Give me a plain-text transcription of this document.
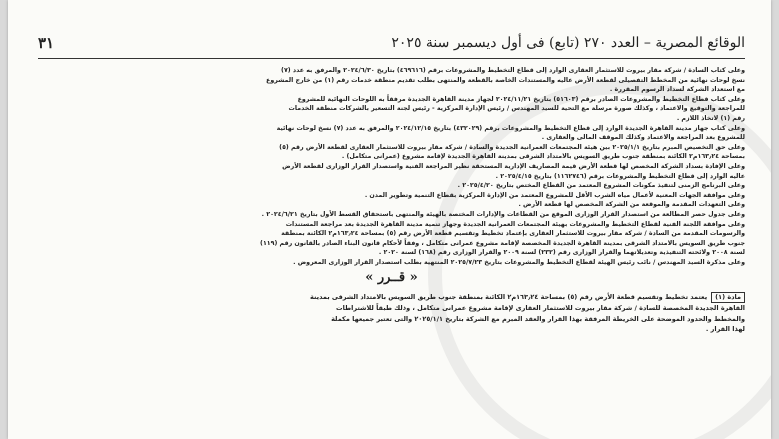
الوقائع المصرية – العدد ٢٧٠ (تابع) فى أول ديسمبر سنة ٢٠٢٥
٣١

وعلى كتاب السادة / شركة مقار بيروت للاستثمار العقارى الوارد إلى قطاع التخطيط والمشروعات برقم (٤٦٩٦١٦) بتاريخ ٢٠٢٤/٦/٣٠ والمرفق به عدد (٧)

نسخ لوحات نهائية من المخطط التفصيلى لقطعة الأرض عاليه والمستندات الخاصة بالقطعة والمنتهى بطلب تقديم منطقة خدمات رقم (١) من خارج المشروع

مع استعداد الشركة لسداد الرسوم المقررة .

وعلى كتاب قطاع التخطيط والمشروعات الصادر برقم (٥١٦٠٣) بتاريخ ٢٠٢٤/١١/٢١ لجهاز مدينة القاهرة الجديدة مرفقاً به اللوحات النهائية للمشروع

للمراجعة والتوقيع والاعتماد ، وكذلك صورة مرسلة مع التحية للسيد المهندس / رئيس الإدارة المركزية - رئيس لجنة التسعير بالشركات منطقة الخدمات

رقم (١) لاتخاذ اللازم .

وعلى كتاب جهاز مدينة القاهرة الجديدة الوارد إلى قطاع التخطيط والمشروعات برقم (٤٣٢٠٢٩) بتاريخ ٢٠٢٤/١٢/١٥ والمرفق به عدد (٧) نسخ لوحات نهائية

للمشروع بعد المراجعة والاعتماد وكذلك الموقف المالى والعقارى .

وعلى حق التخصيص المبرم بتاريخ ٢٠٢٥/١/١ بين هيئة المجتمعات العمرانية الجديدة والسادة / شركة مقار بيروت للاستثمار العقارى لقطعة الأرض رقم (٥)

بمساحة ١٦٣٫٢٤م٢ الكائنة بمنطقة جنوب طريق السويس بالامتداد الشرقى بمدينة القاهرة الجديدة لإقامة مشروع (عمرانى متكامل) .

وعلى الإفادة بسداد الشركة المخصص لها قطعة الأرض قيمة المصاريف الإدارية المستحقة نظير المراجعة الفنية واستصدار القرار الوزارى لقطعة الأرض

عاليه الوارد إلى قطاع التخطيط والمشروعات برقم (١١٦٢٧٤٦) بتاريخ ٢٠٢٥/٤/١٥ .

وعلى البرنامج الزمنى لتنفيذ مكونات المشروع المعتمد من القطاع المختص بتاريخ ٢٠٢٥/٤/٢٠ .

وعلى موافقة الجهات المعنية لأعمال مياه الشرب الأقل للمشروع المعتمد من الإدارة المركزية بقطاع التنمية وتطوير المدن .

وعلى التعهدات المقدمة والموقعة من الشركة المخصص لها قطعة الأرض .

وعلى جدول حصر المطالعة من استصدار القرار الوزارى الموقع من القطاعات والإدارات المختصة بالهيئة والمنتهى باستحقاق القسط الأول بتاريخ ٢٠٢٤/٦/٢١ .

وعلى موافقة اللجنة الفنية لقطاع التخطيط والمشروعات بهيئة المجتمعات العمرانية الجديدة وجهاز تنمية مدينة القاهرة الجديدة بعد مراجعة المستندات

والرسومات المقدمة من السادة / شركة مقار بيروت للاستثمار العقارى بإعتماد تخطيط وتقسيم قطعة الأرض رقم (٥) بمساحة ١٦٣٫٢٤م٢ الكائنة بمنطقة

جنوب طريق السويس بالامتداد الشرقى بمدينة القاهرة الجديدة المخصصة لإقامة مشروع عمرانى متكامل ، وفقاً لأحكام قانون البناء الصادر بالقانون رقم (١١٩)

لسنة ٢٠٠٨ ولائحته التنفيذية وتعديلاتهما والقرار الوزارى رقم (٢٣٢) لسنة ٢٠٠٩ والقرار الوزارى رقم (١٦٨) لسنة ٢٠٢٠ .

وعلى مذكرة السيد المهندس / نائب رئيس الهيئة لقطاع التخطيط والمشروعات بتاريخ ٢٠٢٥/٧/٢٣ المنتهية بطلب استصدار القرار الوزارى المعروض .

« قــرر »
مادة (١)يعتمد تخطيط وتقسيم قطعة الأرض رقم (٥) بمساحة ١٦٣٫٢٤م٢ الكائنة بمنطقة جنوب طريق السويس بالامتداد الشرقى بمدينة
القاهرة الجديدة المخصصة للسادة / شركة مقار بيروت للاستثمار العقارى لإقامة مشروع عمرانى متكامل ، وذلك طبقاً للاشتراطات
والمخطط والحدود الموضحة على الخريطة المرفقة بهذا القرار والعقد المبرم مع الشركة بتاريخ ٢٠٢٥/١/١ والتى تعتبر جميعها مكملة
لهذا القرار .
